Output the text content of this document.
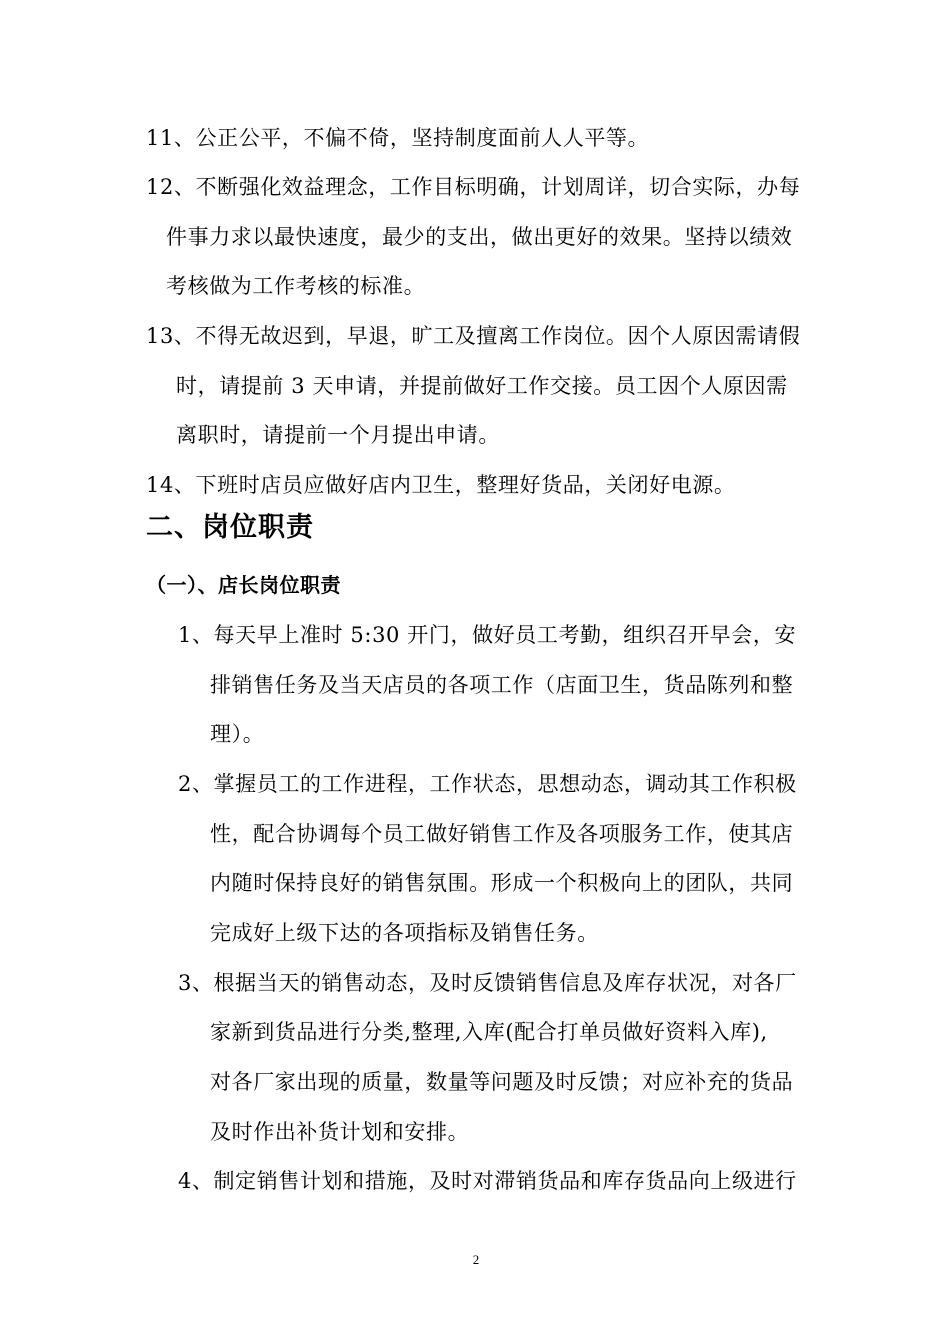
11、公正公平，不偏不倚，坚持制度面前人人平等。
12、不断强化效益理念，工作目标明确，计划周详，切合实际，办每
件事力求以最快速度，最少的支出，做出更好的效果。坚持以绩效
考核做为工作考核的标准。
13、不得无故迟到，早退，旷工及擅离工作岗位。因个人原因需请假
时，请提前 3 天申请，并提前做好工作交接。员工因个人原因需
离职时，请提前一个月提出申请。
14、下班时店员应做好店内卫生，整理好货品，关闭好电源。
二、岗位职责
（一）、店长岗位职责
1、每天早上准时 5:30 开门，做好员工考勤，组织召开早会，安
排销售任务及当天店员的各项工作（店面卫生，货品陈列和整
理）。
2、掌握员工的工作进程，工作状态，思想动态，调动其工作积极
性，配合协调每个员工做好销售工作及各项服务工作，使其店
内随时保持良好的销售氛围。形成一个积极向上的团队，共同
完成好上级下达的各项指标及销售任务。
3、根据当天的销售动态，及时反馈销售信息及库存状况，对各厂
家新到货品进行分类,整理,入库(配合打单员做好资料入库),
对各厂家出现的质量，数量等问题及时反馈；对应补充的货品
及时作出补货计划和安排。
4、制定销售计划和措施，及时对滞销货品和库存货品向上级进行
2
